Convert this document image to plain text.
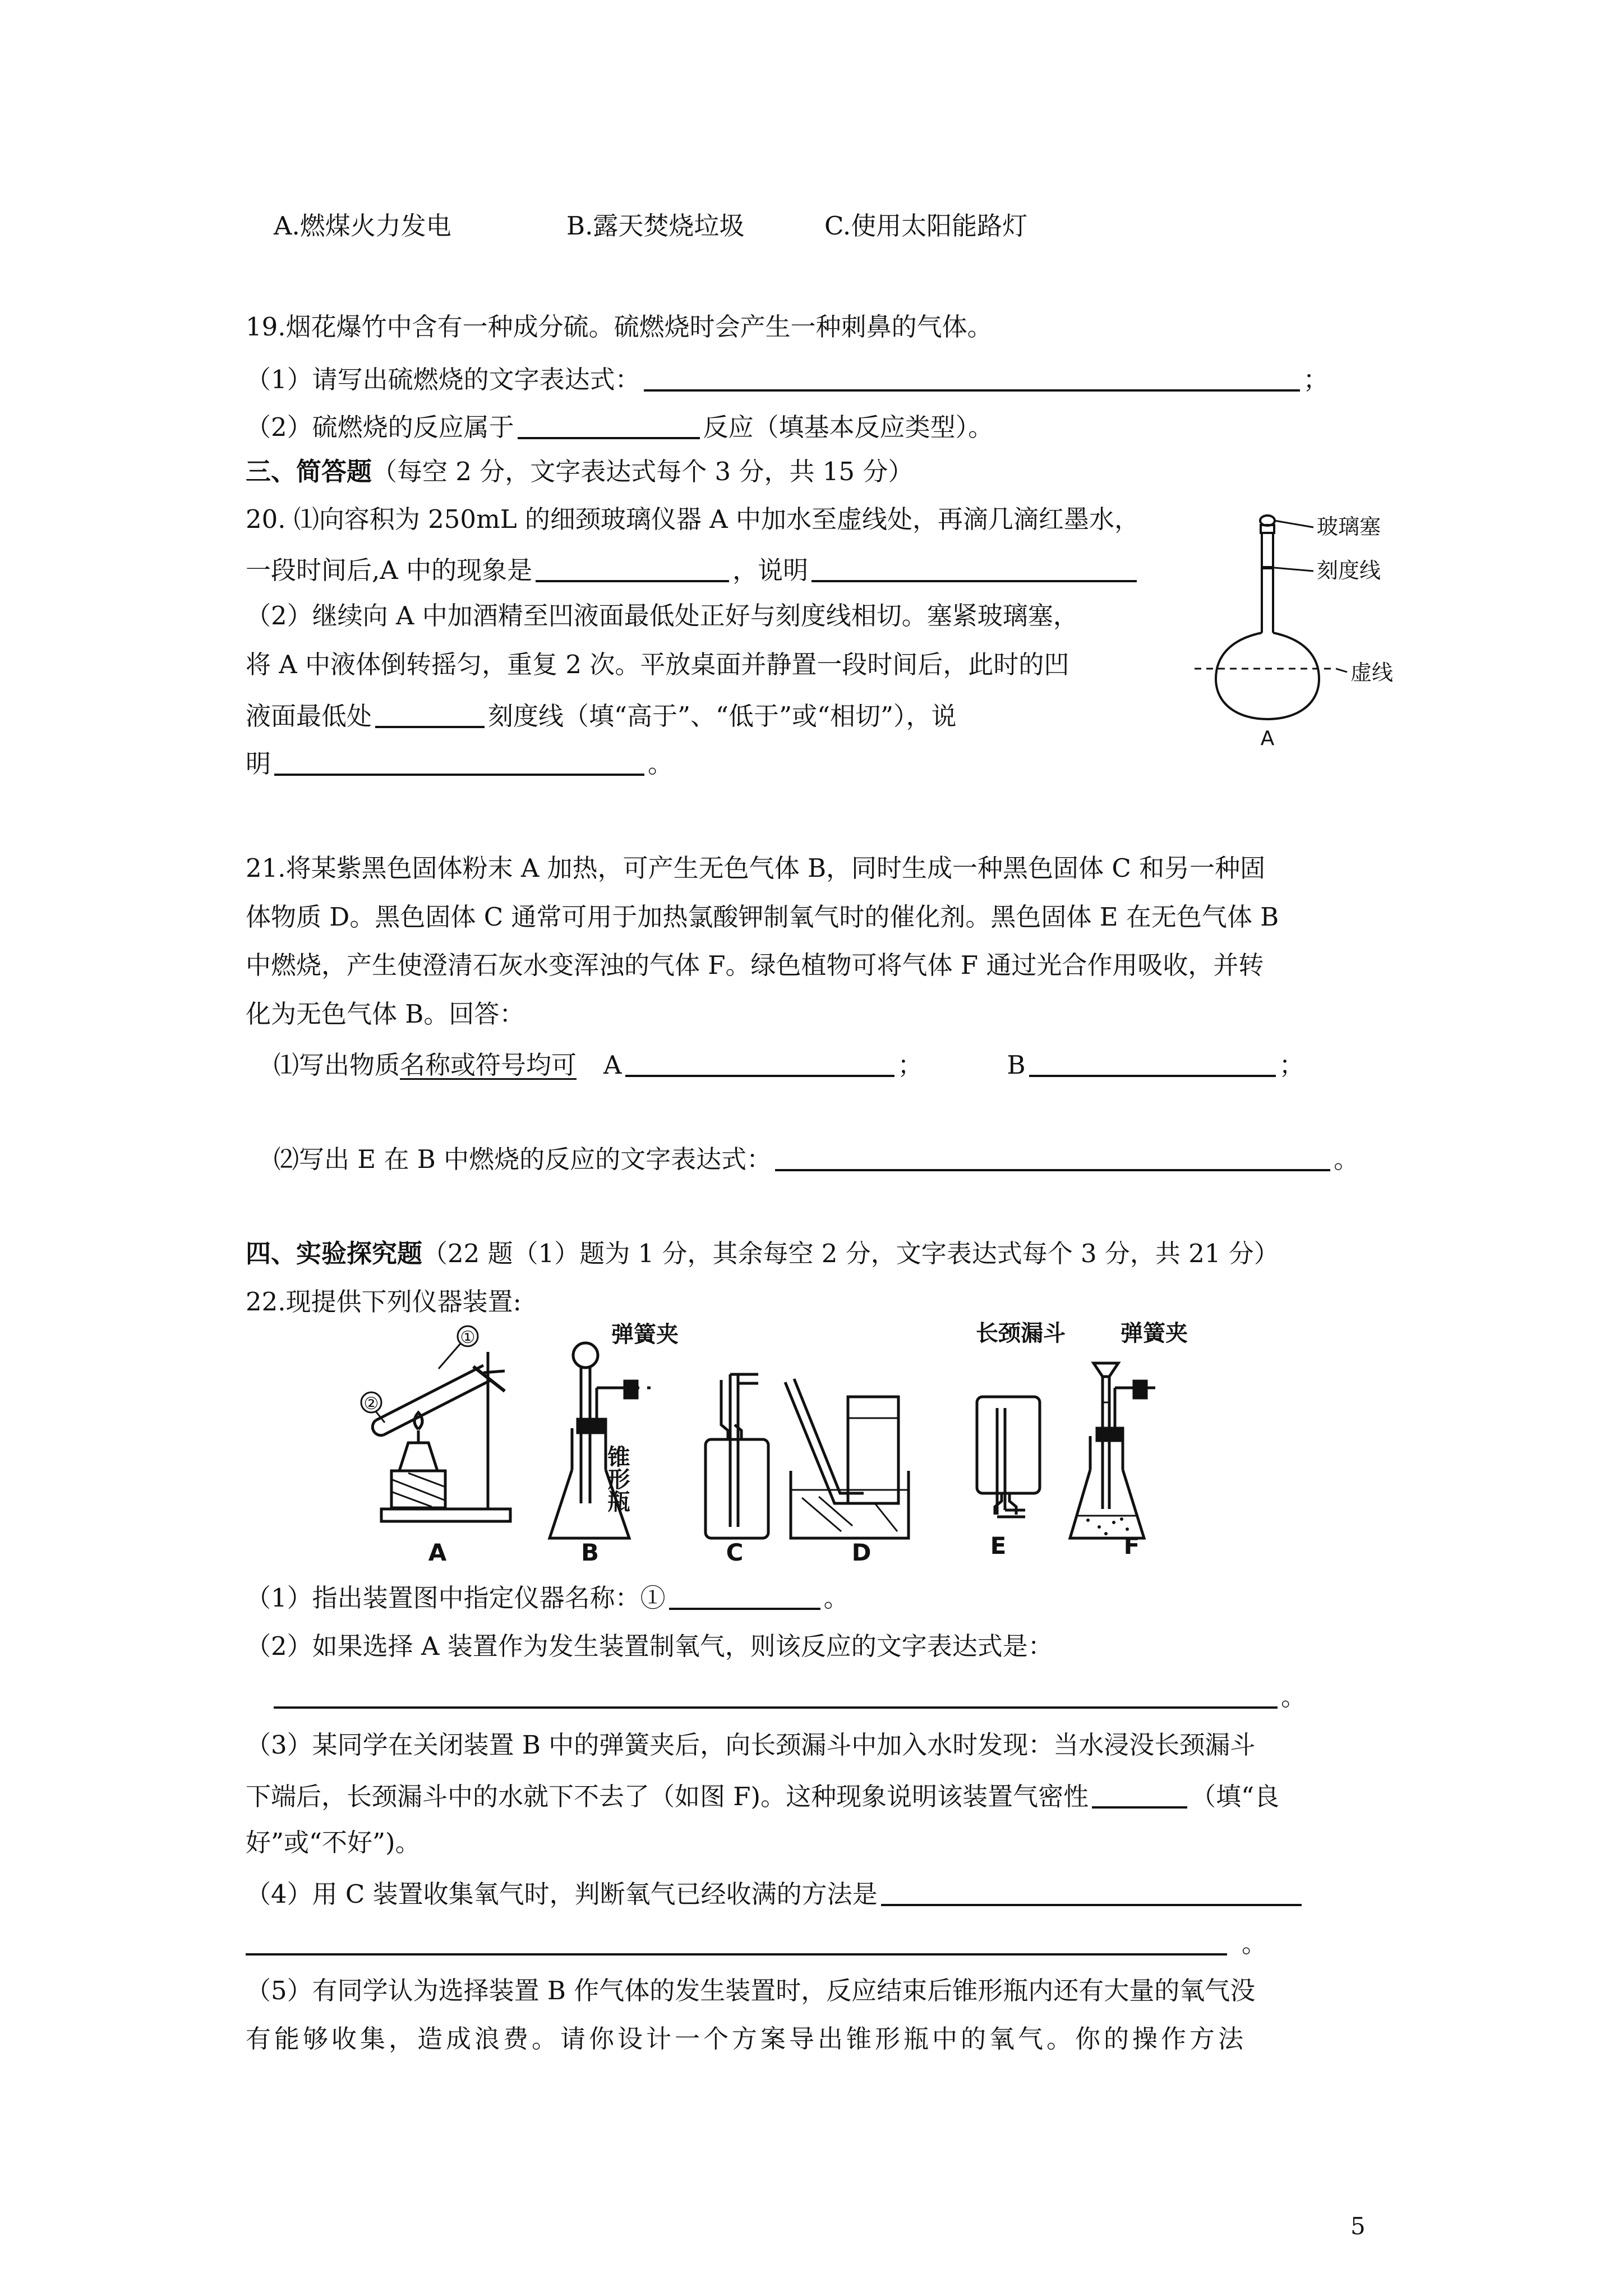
A.燃煤火力发电	B.露天焚烧垃圾	C.使用太阳能路灯
19.烟花爆竹中含有一种成分硫。硫燃烧时会产生一种刺鼻的气体。
（1）请写出硫燃烧的文字表达式：	；
（2）硫燃烧的反应属于	反应（填基本反应类型）。
三、简答题（每空 2 分，文字表达式每个 3 分，共 15 分）
20. ⑴向容积为 250mL 的细颈玻璃仪器 A 中加水至虚线处，再滴几滴红墨水，
一段时间后,A 中的现象是	，说明
（2）继续向 A 中加酒精至凹液面最低处正好与刻度线相切。塞紧玻璃塞，
将 A 中液体倒转摇匀，重复 2 次。平放桌面并静置一段时间后，此时的凹
液面最低处	刻度线（填“高于”、“低于”或“相切”），说
明	。
玻璃塞
刻度线
虚线
A
21.将某紫黑色固体粉末 A 加热，可产生无色气体 B，同时生成一种黑色固体 C 和另一种固
体物质 D。黑色固体 C 通常可用于加热氯酸钾制氧气时的催化剂。黑色固体 E 在无色气体 B
中燃烧，产生使澄清石灰水变浑浊的气体 F。绿色植物可将气体 F 通过光合作用吸收，并转
化为无色气体 B。回答：
⑴写出物质名称或符号均可 A	；	B	；
⑵写出 E 在 B 中燃烧的反应的文字表达式：	。
四、实验探究题（22 题（1）题为 1 分，其余每空 2 分，文字表达式每个 3 分，共 21 分）
22.现提供下列仪器装置:
①
②
弹簧夹
锥形瓶
长颈漏斗 弹簧夹
A	B	C	D	E	F
（1）指出装置图中指定仪器名称：①	。
（2）如果选择 A 装置作为发生装置制氧气，则该反应的文字表达式是：
。
（3）某同学在关闭装置 B 中的弹簧夹后，向长颈漏斗中加入水时发现：当水浸没长颈漏斗
下端后，长颈漏斗中的水就下不去了（如图 F)。这种现象说明该装置气密性	（填“良
好”或“不好”)。
（4）用 C 装置收集氧气时，判断氧气已经收满的方法是
。
（5）有同学认为选择装置 B 作气体的发生装置时，反应结束后锥形瓶内还有大量的氧气没
有能够收集，造成浪费。请你设计一个方案导出锥形瓶中的氧气。你的操作方法
5
